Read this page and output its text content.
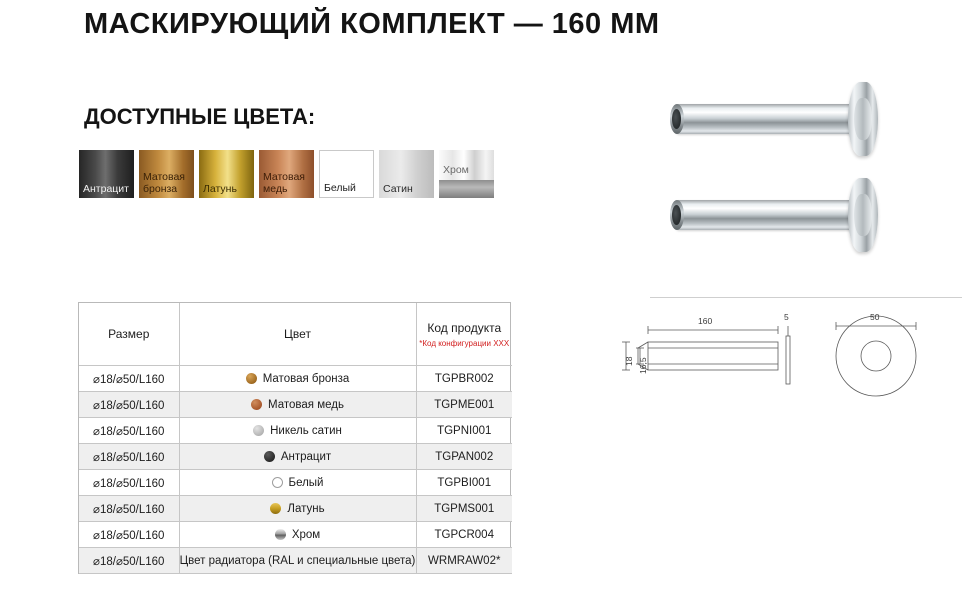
МАСКИРУЮЩИЙ КОМПЛЕКТ — 160 ММ
ДОСТУПНЫЕ ЦВЕТА:
Антрацит
Матовая бронза	Латунь
Матовая медь	Белый	Сатин
Хром
Размер	Цвет	Код продукта
*Код конфигурации XXX

⌀18/⌀50/L160	Матовая бронза	TGPBR002
⌀18/⌀50/L160	Матовая медь	TGPME001
⌀18/⌀50/L160	Никель сатин	TGPNI001
⌀18/⌀50/L160	Антрацит	TGPAN002
⌀18/⌀50/L160	Белый	TGPBI001
⌀18/⌀50/L160	Латунь	TGPMS001
⌀18/⌀50/L160	Хром	TGPCR004
⌀18/⌀50/L160	Цвет радиатора (RAL и специальные цвета)	WRMRAW02*
160	5	50
18 16,5
